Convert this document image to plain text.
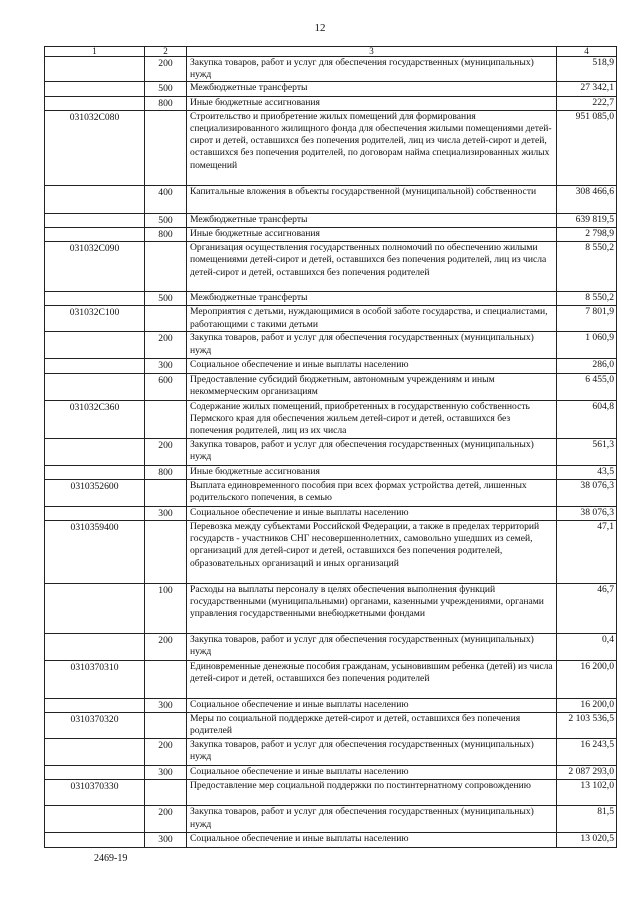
12
1	2	3	4
	200	Закупка товаров, работ и услуг для обеспечения государственных (муниципальных) нужд	518,9
	500	Межбюджетные трансферты	27 342,1
	800	Иные бюджетные ассигнования	222,7
031032С080		Строительство и приобретение жилых помещений для формирования специализированного жилищного фонда для обеспечения жилыми помещениями детей-сирот и детей, оставшихся без попечения родителей, лиц из числа детей-сирот и детей, оставшихся без попечения родителей, по договорам найма специализированных жилых помещений	951 085,0
	400	Капитальные вложения в объекты государственной (муниципальной) собственности	308 466,6
	500	Межбюджетные трансферты	639 819,5
	800	Иные бюджетные ассигнования	2 798,9
031032С090		Организация осуществления государственных полномочий по обеспечению жилыми помещениями детей-сирот и детей, оставшихся без попечения родителей, лиц из числа детей-сирот и детей, оставшихся без попечения родителей	8 550,2
	500	Межбюджетные трансферты	8 550,2
031032С100		Мероприятия с детьми, нуждающимися в особой заботе государства, и специалистами, работающими с такими детьми	7 801,9
	200	Закупка товаров, работ и услуг для обеспечения государственных (муниципальных) нужд	1 060,9
	300	Социальное обеспечение и иные выплаты населению	286,0
	600	Предоставление субсидий бюджетным, автономным учреждениям и иным некоммерческим организациям	6 455,0
031032С360		Содержание жилых помещений, приобретенных в государственную собственность Пермского края для обеспечения жильем детей-сирот и детей, оставшихся без попечения родителей, лиц из их числа	604,8
	200	Закупка товаров, работ и услуг для обеспечения государственных (муниципальных) нужд	561,3
	800	Иные бюджетные ассигнования	43,5
0310352600		Выплата единовременного пособия при всех формах устройства детей, лишенных родительского попечения, в семью	38 076,3
	300	Социальное обеспечение и иные выплаты населению	38 076,3
0310359400		Перевозка между субъектами Российской Федерации, а также в пределах территорий государств - участников СНГ несовершеннолетних, самовольно ушедших из семей, организаций для детей-сирот и детей, оставшихся без попечения родителей, образовательных организаций и иных организаций	47,1
	100	Расходы на выплаты персоналу в целях обеспечения выполнения функций государственными (муниципальными) органами, казенными учреждениями, органами управления государственными внебюджетными фондами	46,7
	200	Закупка товаров, работ и услуг для обеспечения государственных (муниципальных) нужд	0,4
0310370310		Единовременные денежные пособия гражданам, усыновившим ребенка (детей) из числа детей-сирот и детей, оставшихся без попечения родителей	16 200,0
	300	Социальное обеспечение и иные выплаты населению	16 200,0
0310370320		Меры по социальной поддержке детей-сирот и детей, оставшихся без попечения родителей	2 103 536,5
	200	Закупка товаров, работ и услуг для обеспечения государственных (муниципальных) нужд	16 243,5
	300	Социальное обеспечение и иные выплаты населению	2 087 293,0
0310370330		Предоставление мер социальной поддержки по постинтернатному сопровождению	13 102,0
	200	Закупка товаров, работ и услуг для обеспечения государственных (муниципальных) нужд	81,5
	300	Социальное обеспечение и иные выплаты населению	13 020,5
2469-19
